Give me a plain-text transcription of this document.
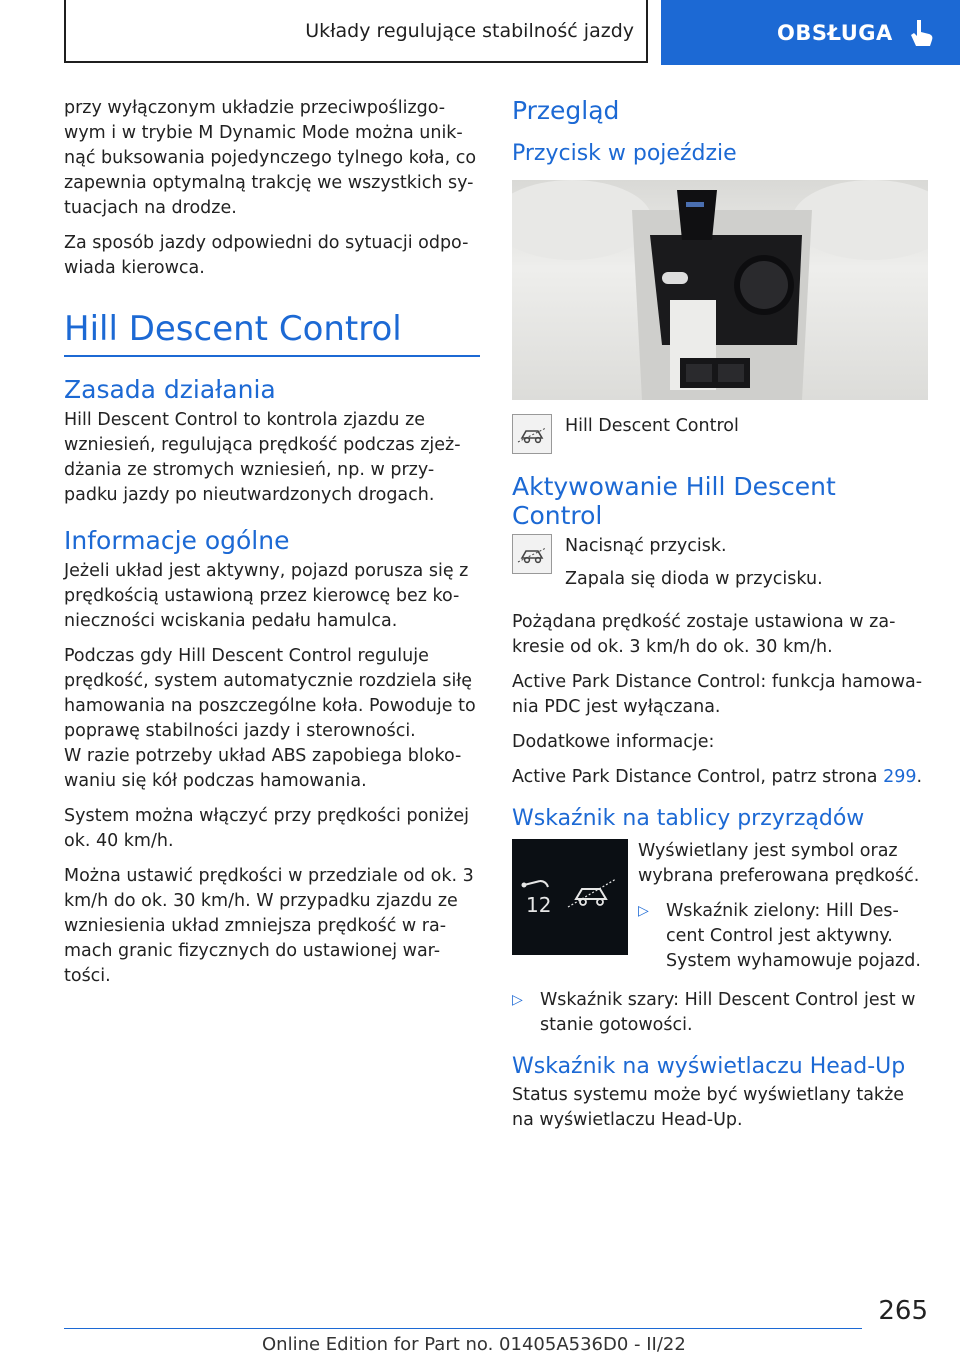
Układy regulujące stabilność jazdy	OBSŁUGA

przy wyłączonym układzie przeciwpoślizgo-wym i w trybie M Dynamic Mode można unik-nąć buksowania pojedynczego tylnego koła, co zapewnia optymalną trakcję we wszystkich sy-tuacjach na drodze.

Za sposób jazdy odpowiedni do sytuacji odpo-wiada kierowca.

Hill Descent Control
Zasada działania

Hill Descent Control to kontrola zjazdu ze wzniesień, regulująca prędkość podczas zjeż-dżania ze stromych wzniesień, np. w przy-padku jazdy po nieutwardzonych drogach.

Informacje ogólne

Jeżeli układ jest aktywny, pojazd porusza się z prędkością ustawioną przez kierowcę bez ko-nieczności wciskania pedału hamulca.

Podczas gdy Hill Descent Control reguluje prędkość, system automatycznie rozdziela siłę hamowania na poszczególne koła. Powoduje to poprawę stabilności jazdy i sterowności.

W razie potrzeby układ ABS zapobiega bloko-waniu się kół podczas hamowania.

System można włączyć przy prędkości poniżej ok. 40 km/h.

Można ustawić prędkości w przedziale od ok. 3 km/h do ok. 30 km/h. W przypadku zjazdu ze wzniesienia układ zmniejsza prędkość w ra-mach granic fizycznych do ustawionej war-tości.

Przegląd
Przycisk w pojeździe

Hill Descent Control

Aktywowanie Hill Descent Control

Nacisnąć przycisk.

Zapala się dioda w przycisku.

Pożądana prędkość zostaje ustawiona w za-kresie od ok. 3 km/h do ok. 30 km/h.

Active Park Distance Control: funkcja hamowa-nia PDC jest wyłączana.

Dodatkowe informacje:

Active Park Distance Control, patrz strona 299.

Wskaźnik na tablicy przyrządów
12

Wyświetlany jest symbol oraz wybrana preferowana prędkość.

▷ Wskaźnik zielony: Hill Des-cent Control jest aktywny. System wyhamowuje pojazd.
▷ Wskaźnik szary: Hill Descent Control jest w stanie gotowości.
Wskaźnik na wyświetlaczu Head-Up

Status systemu może być wyświetlany także na wyświetlaczu Head-Up.

265
Online Edition for Part no. 01405A536D0 - II/22
